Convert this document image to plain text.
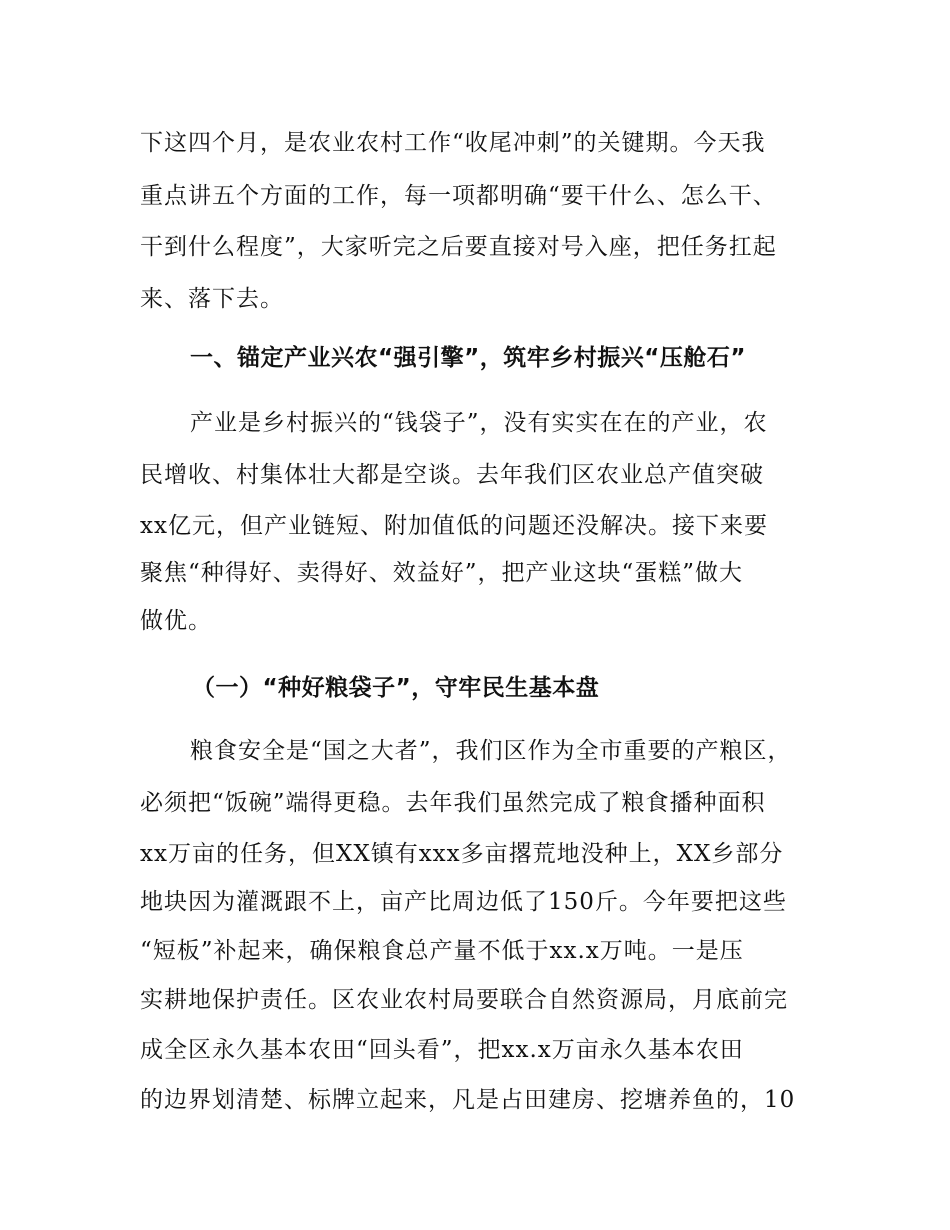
下这四个月，是农业农村工作“收尾冲刺”的关键期。今天我
重点讲五个方面的工作，每一项都明确“要干什么、怎么干、
干到什么程度”，大家听完之后要直接对号入座，把任务扛起
来、落下去。
一、锚定产业兴农“强引擎”，筑牢乡村振兴“压舱石”
产业是乡村振兴的“钱袋子”，没有实实在在的产业，农
民增收、村集体壮大都是空谈。去年我们区农业总产值突破
xx亿元，但产业链短、附加值低的问题还没解决。接下来要
聚焦“种得好、卖得好、效益好”，把产业这块“蛋糕”做大
做优。
（一）“种好粮袋子”，守牢民生基本盘
粮食安全是“国之大者”，我们区作为全市重要的产粮区，
必须把“饭碗”端得更稳。去年我们虽然完成了粮食播种面积
xx万亩的任务，但XX镇有xxx多亩撂荒地没种上，XX乡部分
地块因为灌溉跟不上，亩产比周边低了150斤。今年要把这些
“短板”补起来，确保粮食总产量不低于xx.x万吨。一是压
实耕地保护责任。区农业农村局要联合自然资源局，月底前完
成全区永久基本农田“回头看”，把xx.x万亩永久基本农田
的边界划清楚、标牌立起来，凡是占田建房、挖塘养鱼的，10
